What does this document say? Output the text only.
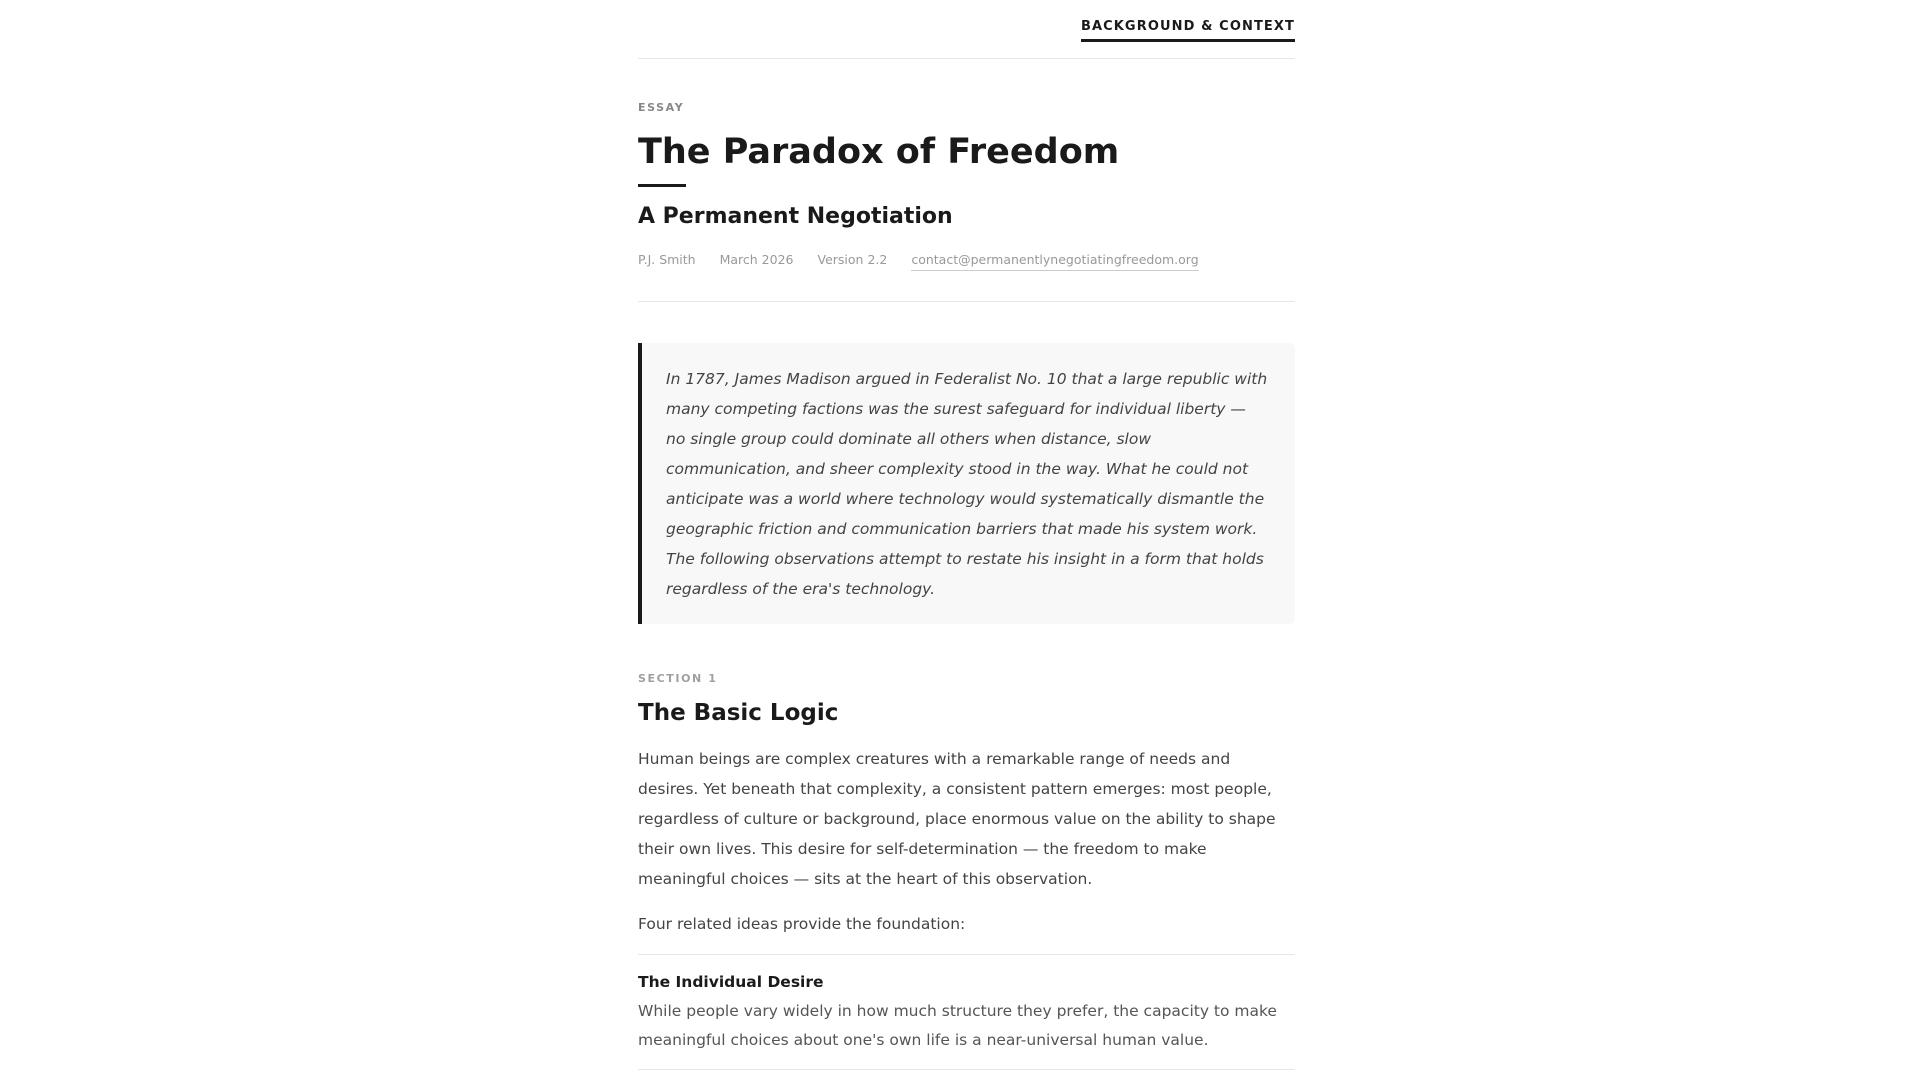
BACKGROUND & CONTEXT
ESSAY
The Paradox of Freedom
A Permanent Negotiation
P.J. Smith March 2026 Version 2.2 contact@permanentlynegotiatingfreedom.org

In 1787, James Madison argued in Federalist No. 10 that a large republic with many competing factions was the surest safeguard for individual liberty — no single group could dominate all others when distance, slow communication, and sheer complexity stood in the way. What he could not anticipate was a world where technology would systematically dismantle the geographic friction and communication barriers that made his system work. The following observations attempt to restate his insight in a form that holds regardless of the era's technology.

SECTION 1
The Basic Logic

Human beings are complex creatures with a remarkable range of needs and desires. Yet beneath that complexity, a consistent pattern emerges: most people, regardless of culture or background, place enormous value on the ability to shape their own lives. This desire for self-determination — the freedom to make meaningful choices — sits at the heart of this observation.

Four related ideas provide the foundation:

The Individual Desire
While people vary widely in how much structure they prefer, the capacity to make meaningful choices about one's own life is a near-universal human value.
